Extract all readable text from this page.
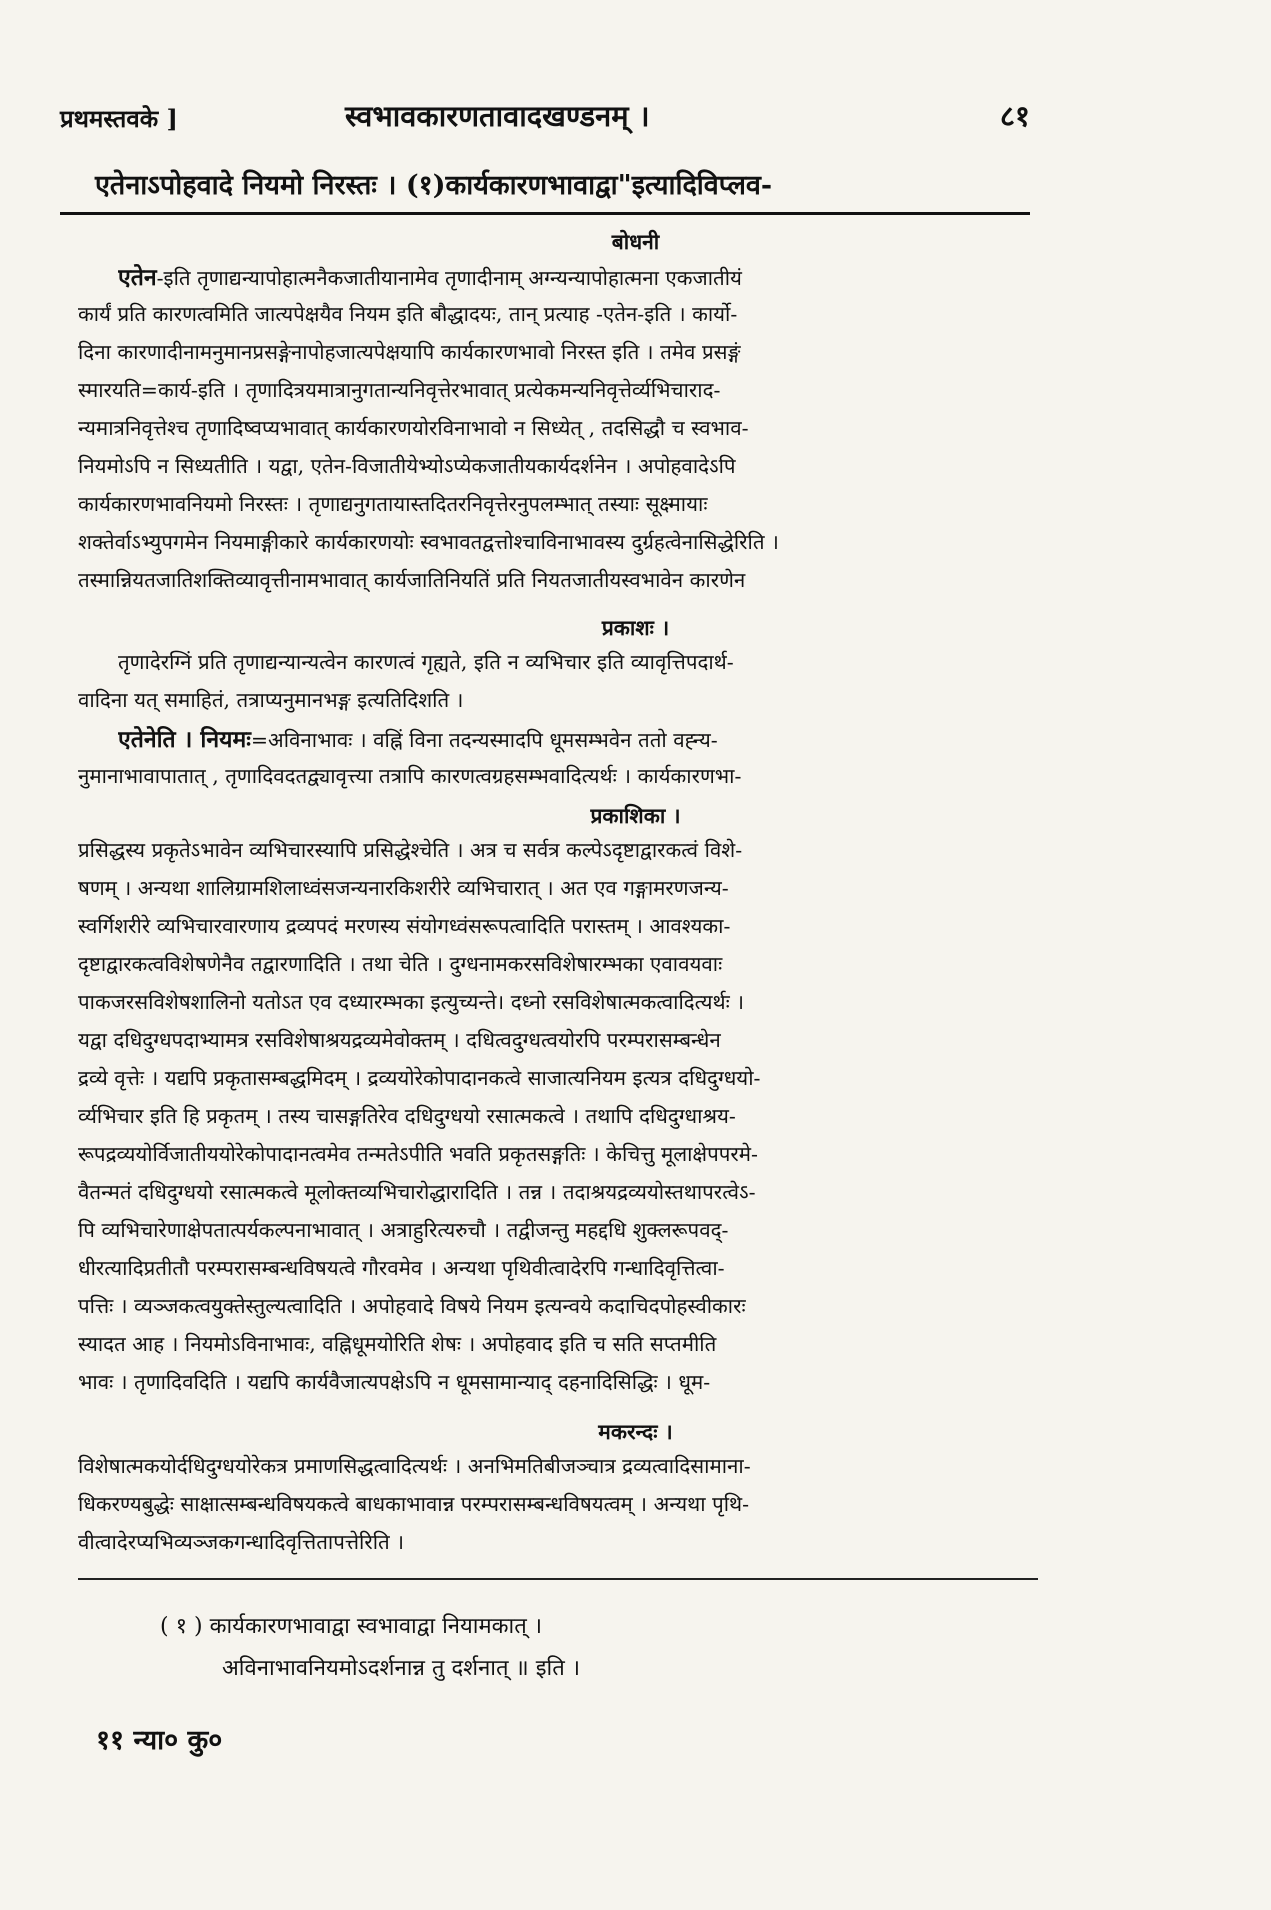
प्रथमस्तवके ]	स्वभावकारणतावादखण्डनम् ।	८१
एतेनाऽपोहवादे नियमो निरस्तः । (१)कार्यकारणभावाद्वा"इत्यादिविप्लव-
बोधनी
एतेन-इति तृणाद्यन्यापोहात्मनैकजातीयानामेव तृणादीनाम् अग्न्यन्यापोहात्मना एकजातीयं
कार्यं प्रति कारणत्वमिति जात्यपेक्षयैव नियम इति बौद्धादयः, तान् प्रत्याह -एतेन-इति । कार्यो-
दिना कारणादीनामनुमानप्रसङ्गेनापोहजात्यपेक्षयापि कार्यकारणभावो निरस्त इति । तमेव प्रसङ्गं
स्मारयति=कार्य-इति । तृणादित्रयमात्रानुगतान्यनिवृत्तेरभावात् प्रत्येकमन्यनिवृत्तेर्व्यभिचाराद-
न्यमात्रनिवृत्तेश्च तृणादिष्वप्यभावात् कार्यकारणयोरविनाभावो न सिध्येत् , तदसिद्धौ च स्वभाव-
नियमोऽपि न सिध्यतीति । यद्वा, एतेन-विजातीयेभ्योऽप्येकजातीयकार्यदर्शनेन । अपोहवादेऽपि
कार्यकारणभावनियमो निरस्तः । तृणाद्यनुगतायास्तदितरनिवृत्तेरनुपलम्भात् तस्याः सूक्ष्मायाः
शक्तेर्वाऽभ्युपगमेन नियमाङ्गीकारे कार्यकारणयोः स्वभावतद्वत्तोश्चाविनाभावस्य दुर्ग्रहत्वेनासिद्धेरिति ।
तस्मान्नियतजातिशक्तिव्यावृत्तीनामभावात् कार्यजातिनियतिं प्रति नियतजातीयस्वभावेन कारणेन
प्रकाशः ।
तृणादेरग्निं प्रति तृणाद्यन्यान्यत्वेन कारणत्वं गृह्यते, इति न व्यभिचार इति व्यावृत्तिपदार्थ-
वादिना यत् समाहितं, तत्राप्यनुमानभङ्ग इत्यतिदिशति ।
एतेनेति । नियमः=अविनाभावः । वह्निं विना तदन्यस्मादपि धूमसम्भवेन ततो वह्न्य-
नुमानाभावापातात् , तृणादिवदतद्व्यावृत्त्या तत्रापि कारणत्वग्रहसम्भवादित्यर्थः । कार्यकारणभा-
प्रकाशिका ।
प्रसिद्धस्य प्रकृतेऽभावेन व्यभिचारस्यापि प्रसिद्धेश्चेति । अत्र च सर्वत्र कल्पेऽदृष्टाद्वारकत्वं विशे-
षणम् । अन्यथा शालिग्रामशिलाध्वंसजन्यनारकिशरीरे व्यभिचारात् । अत एव गङ्गामरणजन्य-
स्वर्गिशरीरे व्यभिचारवारणाय द्रव्यपदं मरणस्य संयोगध्वंसरूपत्वादिति परास्तम् । आवश्यका-
दृष्टाद्वारकत्वविशेषणेनैव तद्वारणादिति । तथा चेति । दुग्धनामकरसविशेषारम्भका एवावयवाः
पाकजरसविशेषशालिनो यतोऽत एव दध्यारम्भका इत्युच्यन्ते। दध्नो रसविशेषात्मकत्वादित्यर्थः ।
यद्वा दधिदुग्धपदाभ्यामत्र रसविशेषाश्रयद्रव्यमेवोक्तम् । दधित्वदुग्धत्वयोरपि परम्परासम्बन्धेन
द्रव्ये वृत्तेः । यद्यपि प्रकृतासम्बद्धमिदम् । द्रव्ययोरेकोपादानकत्वे साजात्यनियम इत्यत्र दधिदुग्धयो-
र्व्यभिचार इति हि प्रकृतम् । तस्य चासङ्गतिरेव दधिदुग्धयो रसात्मकत्वे । तथापि दधिदुग्धाश्रय-
रूपद्रव्ययोर्विजातीययोरेकोपादानत्वमेव तन्मतेऽपीति भवति प्रकृतसङ्गतिः । केचित्तु मूलाक्षेपपरमे-
वैतन्मतं दधिदुग्धयो रसात्मकत्वे मूलोक्तव्यभिचारोद्धारादिति । तन्न । तदाश्रयद्रव्ययोस्तथापरत्वेऽ-
पि व्यभिचारेणाक्षेपतात्पर्यकल्पनाभावात् । अत्राहुरित्यरुचौ । तद्वीजन्तु महद्दधि शुक्लरूपवद्-
धीरत्यादिप्रतीतौ परम्परासम्बन्धविषयत्वे गौरवमेव । अन्यथा पृथिवीत्वादेरपि गन्धादिवृत्तित्वा-
पत्तिः । व्यञ्जकत्वयुक्तेस्तुल्यत्वादिति । अपोहवादे विषये नियम इत्यन्वये कदाचिदपोहस्वीकारः
स्यादत आह । नियमोऽविनाभावः, वह्निधूमयोरिति शेषः । अपोहवाद इति च सति सप्तमीति
भावः । तृणादिवदिति । यद्यपि कार्यवैजात्यपक्षेऽपि न धूमसामान्याद् दहनादिसिद्धिः । धूम-
मकरन्दः ।
विशेषात्मकयोर्दधिदुग्धयोरेकत्र प्रमाणसिद्धत्वादित्यर्थः । अनभिमतिबीजञ्चात्र द्रव्यत्वादिसामाना-
धिकरण्यबुद्धेः साक्षात्सम्बन्धविषयकत्वे बाधकाभावान्न परम्परासम्बन्धविषयत्वम् । अन्यथा पृथि-
वीत्वादेरप्यभिव्यञ्जकगन्धादिवृत्तितापत्तेरिति ।
( १ ) कार्यकारणभावाद्वा स्वभावाद्वा नियामकात् ।
अविनाभावनियमोऽदर्शनान्न तु दर्शनात् ॥ इति ।
११ न्या० कु०
